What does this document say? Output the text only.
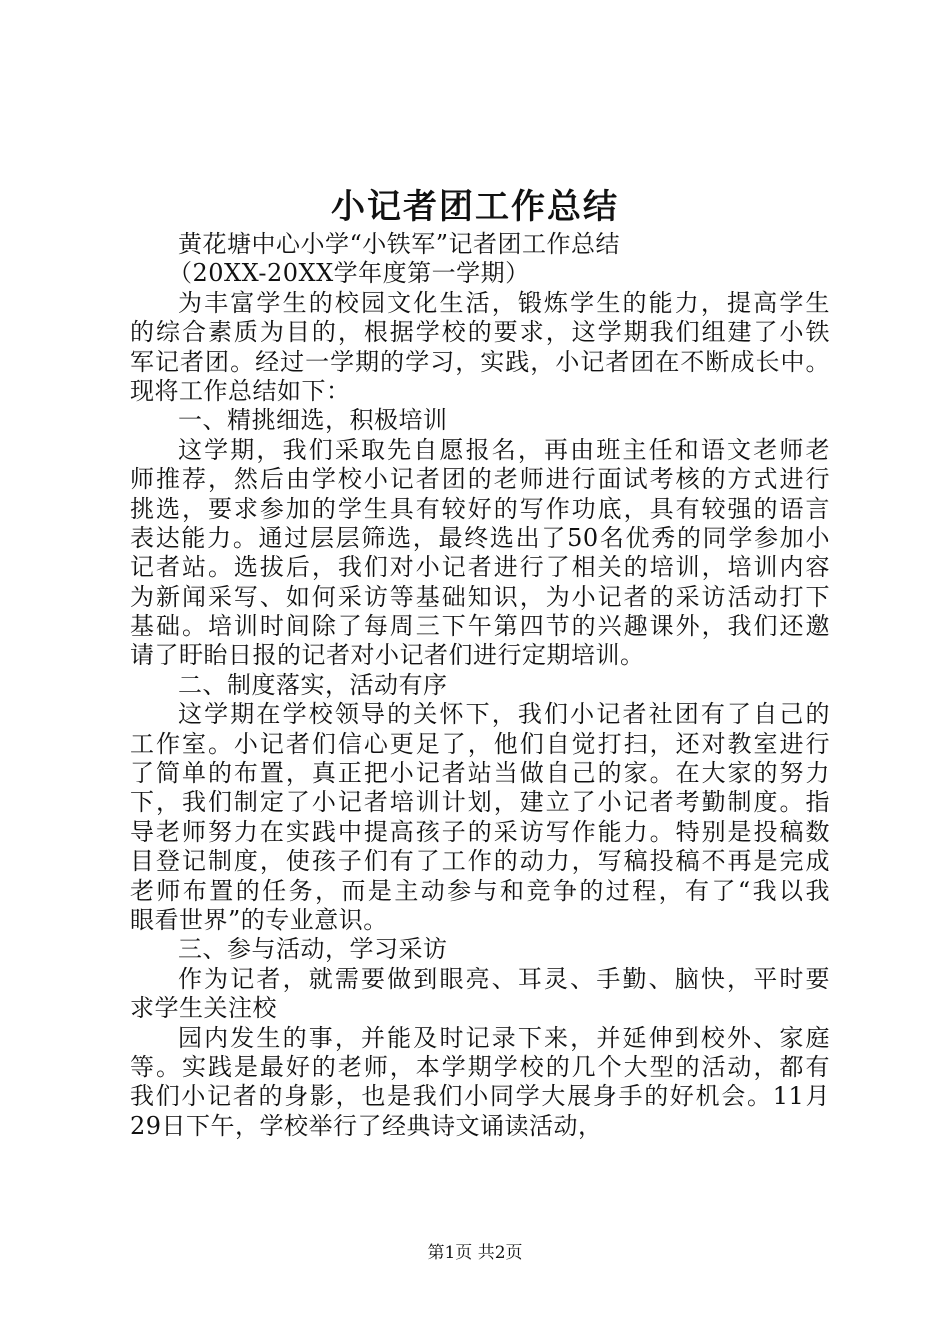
小记者团工作总结
黄花塘中心小学“小铁军”记者团工作总结
（20XX-20XX学年度第一学期）
为丰富学生的校园文化生活，锻炼学生的能力，提高学生
的综合素质为目的，根据学校的要求，这学期我们组建了小铁
军记者团。经过一学期的学习，实践，小记者团在不断成长中。
现将工作总结如下：
一、精挑细选，积极培训
这学期，我们采取先自愿报名，再由班主任和语文老师老
师推荐，然后由学校小记者团的老师进行面试考核的方式进行
挑选，要求参加的学生具有较好的写作功底，具有较强的语言
表达能力。通过层层筛选，最终选出了50名优秀的同学参加小
记者站。选拔后，我们对小记者进行了相关的培训，培训内容
为新闻采写、如何采访等基础知识，为小记者的采访活动打下
基础。培训时间除了每周三下午第四节的兴趣课外，我们还邀
请了盱眙日报的记者对小记者们进行定期培训。
二、制度落实，活动有序
这学期在学校领导的关怀下，我们小记者社团有了自己的
工作室。小记者们信心更足了，他们自觉打扫，还对教室进行
了简单的布置，真正把小记者站当做自己的家。在大家的努力
下，我们制定了小记者培训计划，建立了小记者考勤制度。指
导老师努力在实践中提高孩子的采访写作能力。特别是投稿数
目登记制度，使孩子们有了工作的动力，写稿投稿不再是完成
老师布置的任务，而是主动参与和竞争的过程，有了“我以我
眼看世界”的专业意识。
三、参与活动，学习采访
作为记者，就需要做到眼亮、耳灵、手勤、脑快，平时要
求学生关注校
园内发生的事，并能及时记录下来，并延伸到校外、家庭
等。实践是最好的老师，本学期学校的几个大型的活动，都有
我们小记者的身影，也是我们小同学大展身手的好机会。11月
29日下午，学校举行了经典诗文诵读活动，
第1页 共2页
